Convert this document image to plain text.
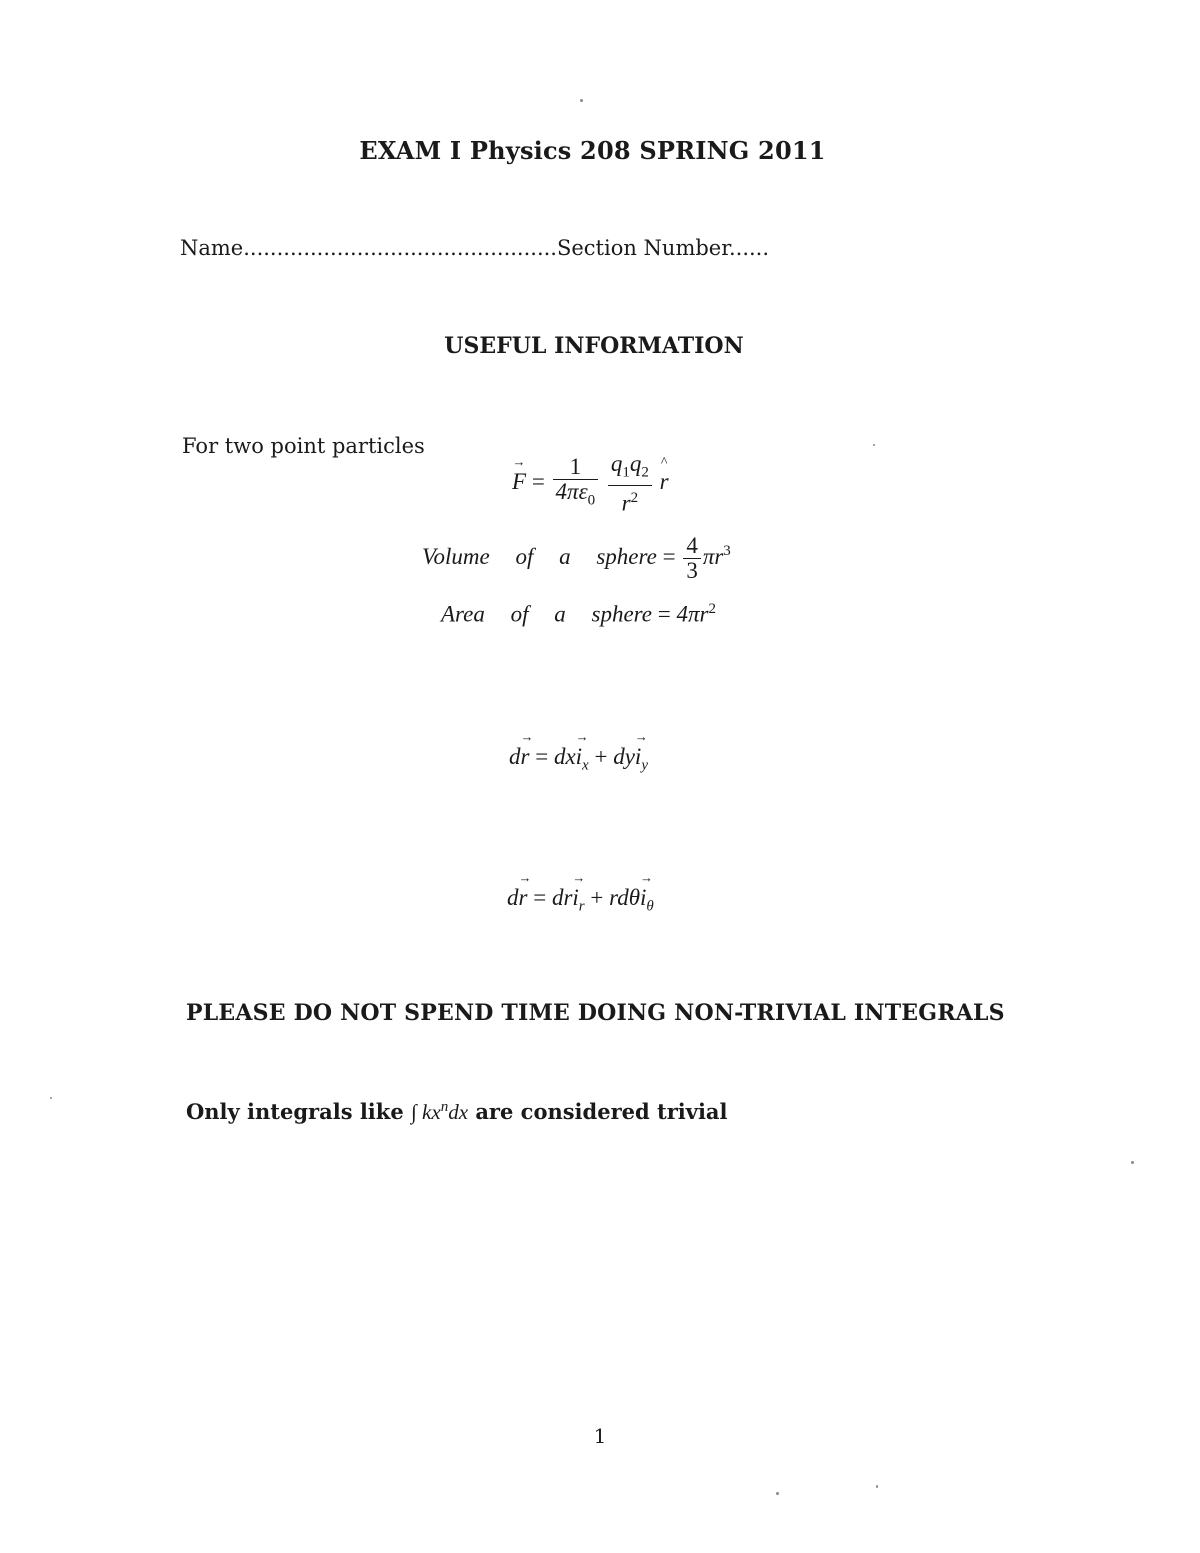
EXAM I Physics 208 SPRING 2011
Name...............................................Section Number......
USEFUL INFORMATION
For two point particles
→ $F = \frac{1}{4\pi\varepsilon_0}$
$\frac{q_1q_2}{r^2}$
^ r
Volume of a sphere = $\frac{4}{3} \pi r^3$
Area of a sphere = $4\pi r^2$
$d\to r = dx\to i_x + dy\to i_y$
$d\to r = dr\to i_r + rd\theta\to i_\theta$
PLEASE DO NOT SPEND TIME DOING NON-TRIVIAL INTEGRALS
Only integrals like ∫ $kx^ndx$ are considered trivial
1
